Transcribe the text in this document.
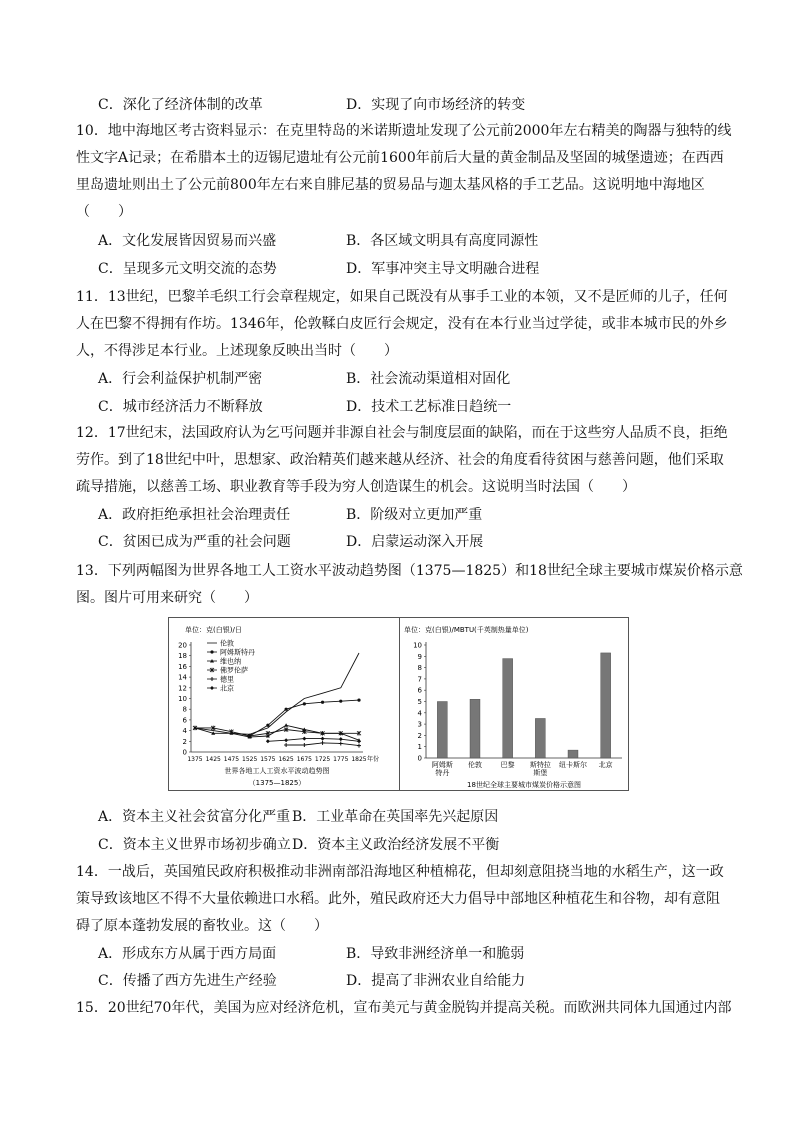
C．深化了经济体制的改革	D．实现了向市场经济的转变
10．地中海地区考古资料显示：在克里特岛的米诺斯遗址发现了公元前2000年左右精美的陶器与独特的线
性文字A记录；在希腊本土的迈锡尼遗址有公元前1600年前后大量的黄金制品及坚固的城堡遗迹；在西西
里岛遗址则出土了公元前800年左右来自腓尼基的贸易品与迦太基风格的手工艺品。这说明地中海地区
（　　）
A．文化发展皆因贸易而兴盛	B．各区域文明具有高度同源性
C．呈现多元文明交流的态势	D．军事冲突主导文明融合进程
11．13世纪，巴黎羊毛织工行会章程规定，如果自己既没有从事手工业的本领，又不是匠师的儿子，任何
人在巴黎不得拥有作坊。1346年，伦敦鞣白皮匠行会规定，没有在本行业当过学徒，或非本城市民的外乡
人，不得涉足本行业。上述现象反映出当时（　　）
A．行会利益保护机制严密	B．社会流动渠道相对固化
C．城市经济活力不断释放	D．技术工艺标准日趋统一
12．17世纪末，法国政府认为乞丐问题并非源自社会与制度层面的缺陷，而在于这些穷人品质不良，拒绝
劳作。到了18世纪中叶，思想家、政治精英们越来越从经济、社会的角度看待贫困与慈善问题，他们采取
疏导措施，以慈善工场、职业教育等手段为穷人创造谋生的机会。这说明当时法国（　　）
A．政府拒绝承担社会治理责任	B．阶级对立更加严重
C．贫困已成为严重的社会问题	D．启蒙运动深入开展
13．下列两幅图为世界各地工人工资水平波动趋势图（1375—1825）和18世纪全球主要城市煤炭价格示意
图。图片可用来研究（　　）
单位：克(白银)/日
0
2
4
6
8
10
12
14
16
18
20
1375 1425 1475 1525 1575 1625 1675 1725 1775 1825 年份
世界各地工人工资水平波动趋势图
（1375—1825）
伦敦
阿姆斯特丹
维也纳
佛罗伦萨
德里
北京
单位：克(白银)/MBTU(千英制热量单位)
0
1
2
3
4
5
6
7
8
9
10
阿姆斯
特丹
伦敦	巴黎 斯特拉
斯堡
纽卡斯尔 北京
18世纪全球主要城市煤炭价格示意图
A．资本主义社会贫富分化严重 B．工业革命在英国率先兴起原因
C．资本主义世界市场初步确立 D．资本主义政治经济发展不平衡
14．一战后，英国殖民政府积极推动非洲南部沿海地区种植棉花，但却刻意阻挠当地的水稻生产，这一政
策导致该地区不得不大量依赖进口水稻。此外，殖民政府还大力倡导中部地区种植花生和谷物，却有意阻
碍了原本蓬勃发展的畜牧业。这（　　）
A．形成东方从属于西方局面	B．导致非洲经济单一和脆弱
C．传播了西方先进生产经验	D．提高了非洲农业自给能力
15．20世纪70年代，美国为应对经济危机，宣布美元与黄金脱钩并提高关税。而欧洲共同体九国通过内部
